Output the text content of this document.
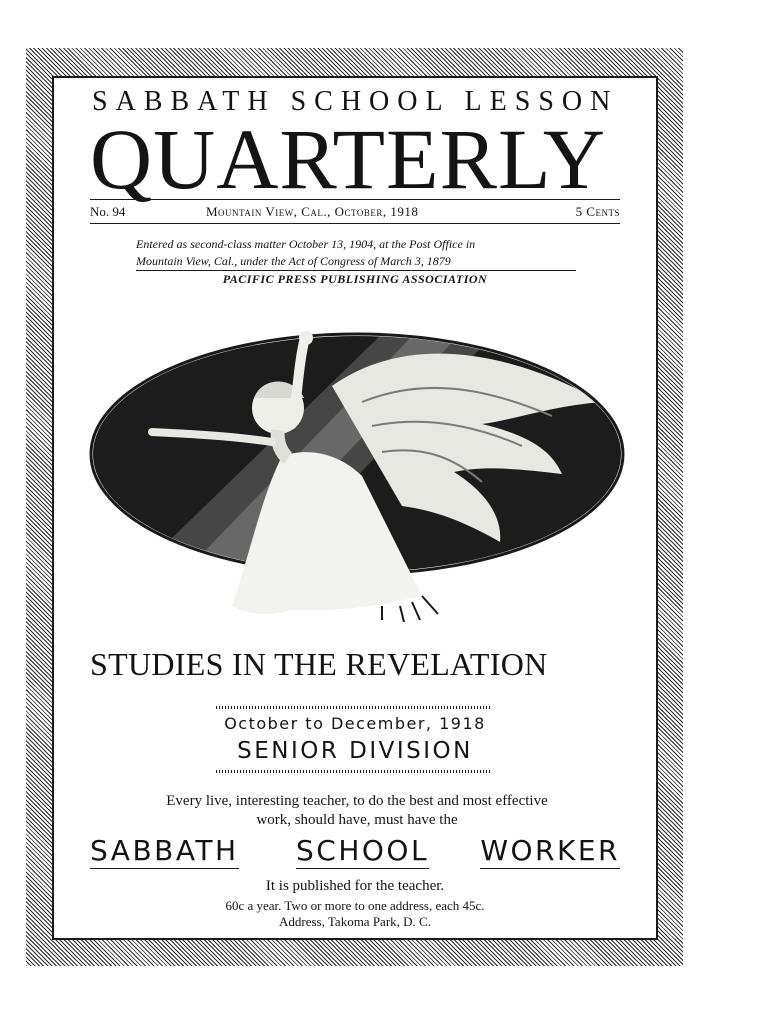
SABBATH SCHOOL LESSON
QUARTERLY
No. 94	Mountain View, Cal., October, 1918	5 Cents
Entered as second-class matter October 13, 1904, at the Post Office in
Mountain View, Cal., under the Act of Congress of March 3, 1879
PACIFIC PRESS PUBLISHING ASSOCIATION
STUDIES IN THE REVELATION
October to December, 1918
SENIOR DIVISION
Every live, interesting teacher, to do the best and most effective
work, should have, must have the
SABBATH SCHOOL WORKER
It is published for the teacher.
60c a year. Two or more to one address, each 45c.
Address, Takoma Park, D. C.
